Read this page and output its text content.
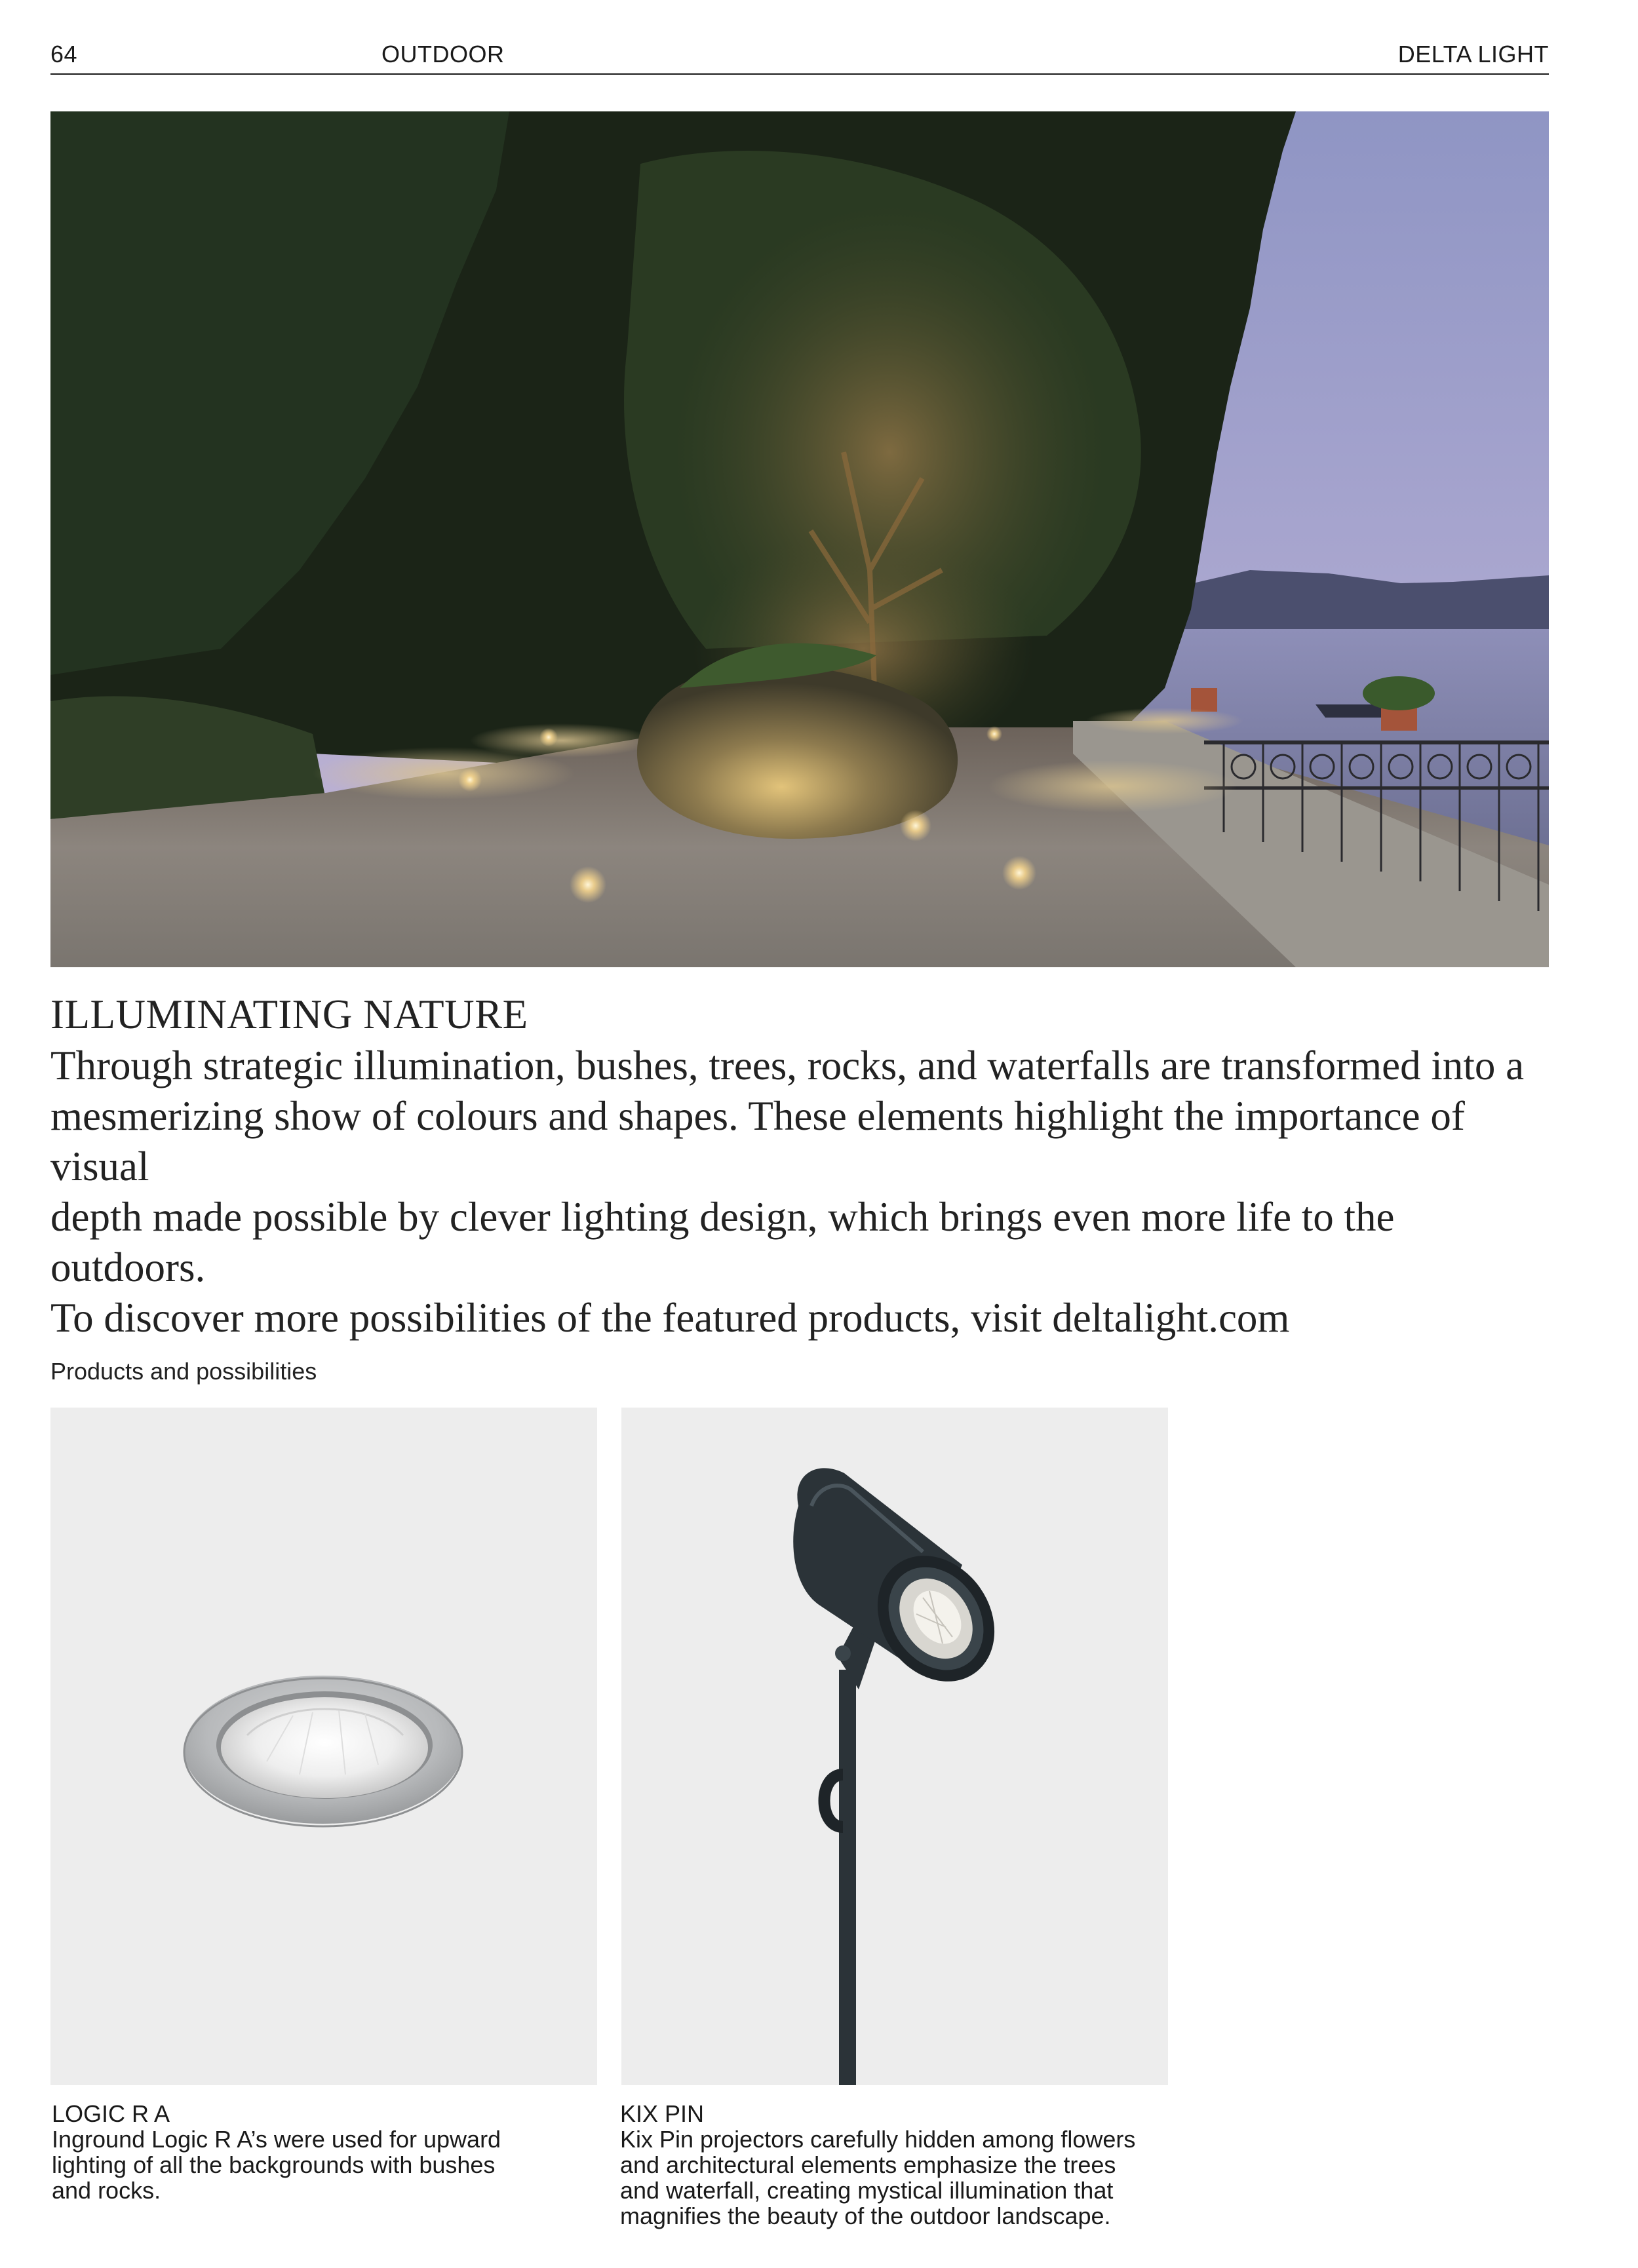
64	OUTDOOR	DELTA LIGHT
ILLUMINATING NATURE

Through strategic illumination, bushes, trees, rocks, and waterfalls are transformed into a

mesmerizing show of colours and shapes. These elements highlight the importance of visual

depth made possible by clever lighting design, which brings even more life to the outdoors.

To discover more possibilities of the featured products, visit deltalight.com

Products and possibilities
LOGIC R A
Inground Logic R A’s were used for upward
lighting of all the backgrounds with bushes
and rocks.
KIX PIN
Kix Pin projectors carefully hidden among flowers
and architectural elements emphasize the trees
and waterfall, creating mystical illumination that
magnifies the beauty of the outdoor landscape.
